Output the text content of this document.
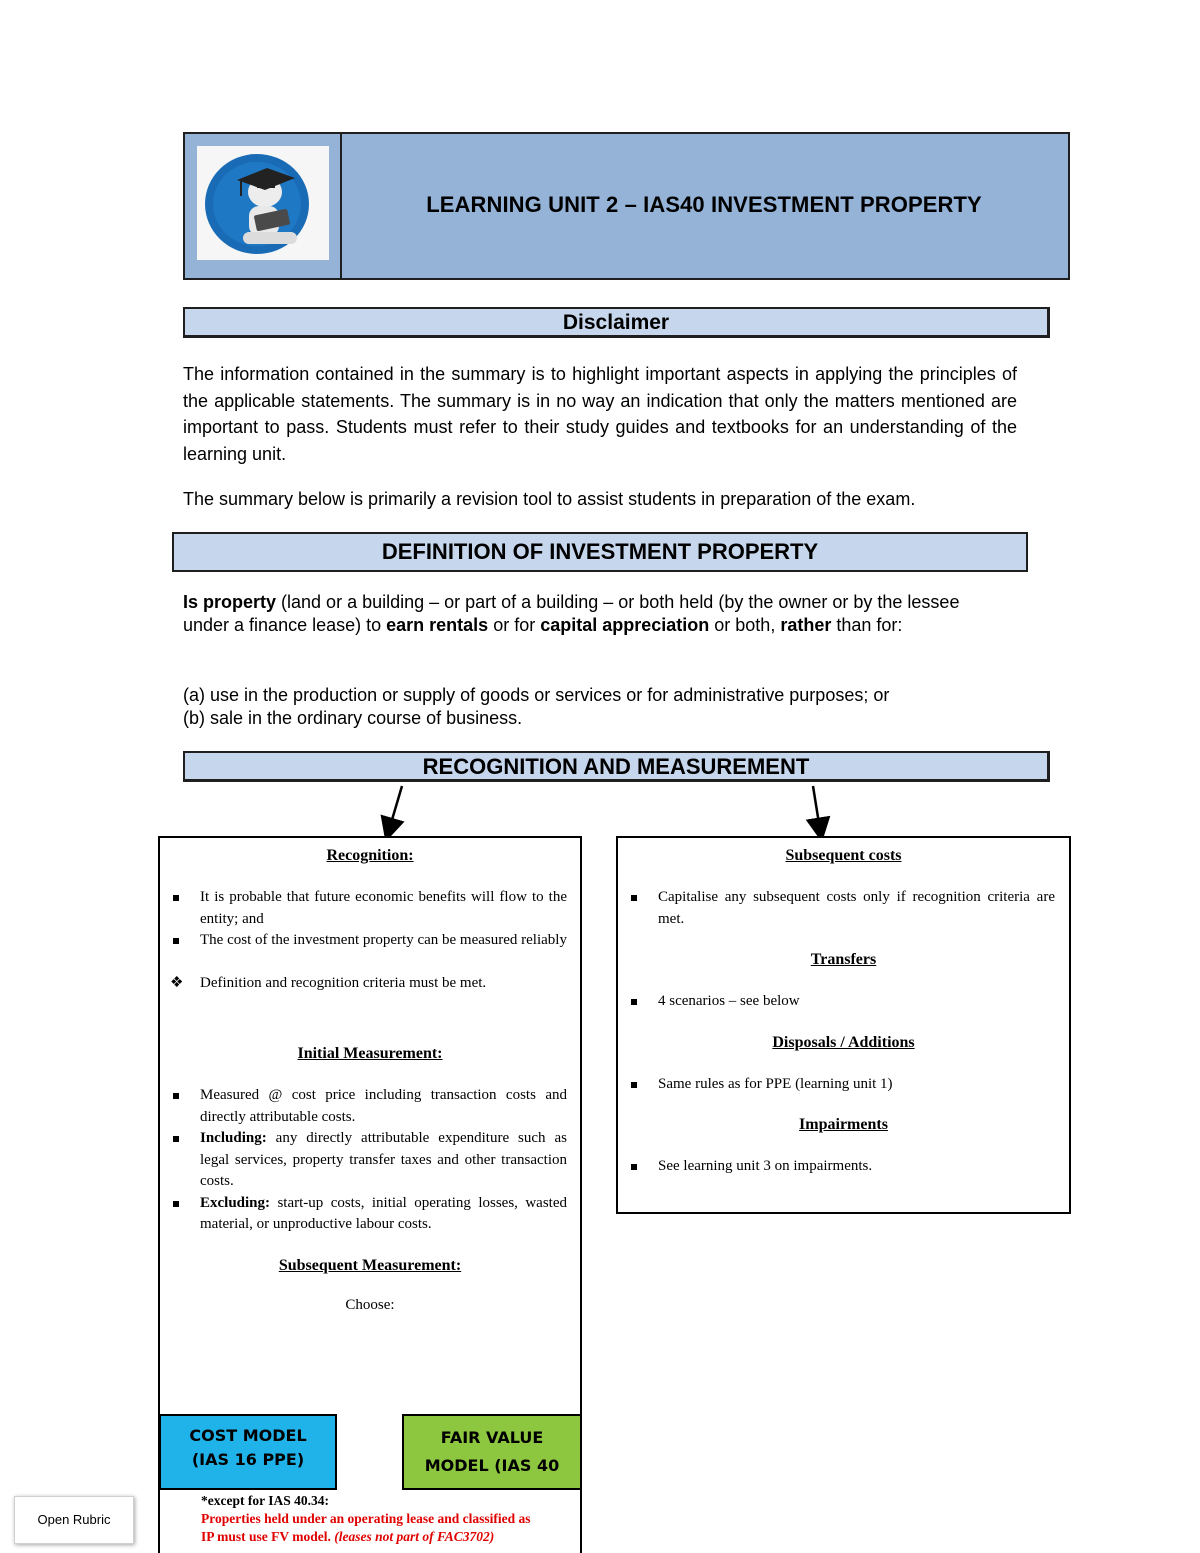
LEARNING UNIT 2 – IAS40 INVESTMENT PROPERTY
Disclaimer
The information contained in the summary is to highlight important aspects in applying the principles of the applicable statements. The summary is in no way an indication that only the matters mentioned are important to pass. Students must refer to their study guides and textbooks for an understanding of the learning unit.
The summary below is primarily a revision tool to assist students in preparation of the exam.
DEFINITION OF INVESTMENT PROPERTY
Is property (land or a building – or part of a building – or both held (by the owner or by the lessee under a finance lease) to earn rentals or for capital appreciation or both, rather than for:
(a) use in the production or supply of goods or services or for administrative purposes; or
(b) sale in the ordinary course of business.
RECOGNITION AND MEASUREMENT
Recognition:
It is probable that future economic benefits will flow to the entity; and
The cost of the investment property can be measured reliably
❖ Definition and recognition criteria must be met.
Initial Measurement:
Measured @ cost price including transaction costs and directly attributable costs.
Including: any directly attributable expenditure such as legal services, property transfer taxes and other transaction costs.
Excluding: start-up costs, initial operating losses, wasted material, or unproductive labour costs.
Subsequent Measurement:
Choose:
COST MODEL
(IAS 16 PPE)
FAIR VALUE
MODEL (IAS 40
*except for IAS 40.34:
Properties held under an operating lease and classified as
IP must use FV model. (leases not part of FAC3702)
Subsequent costs
Capitalise any subsequent costs only if recognition criteria are met.
Transfers
4 scenarios – see below
Disposals / Additions
Same rules as for PPE (learning unit 1)
Impairments
See learning unit 3 on impairments.
Open Rubric
